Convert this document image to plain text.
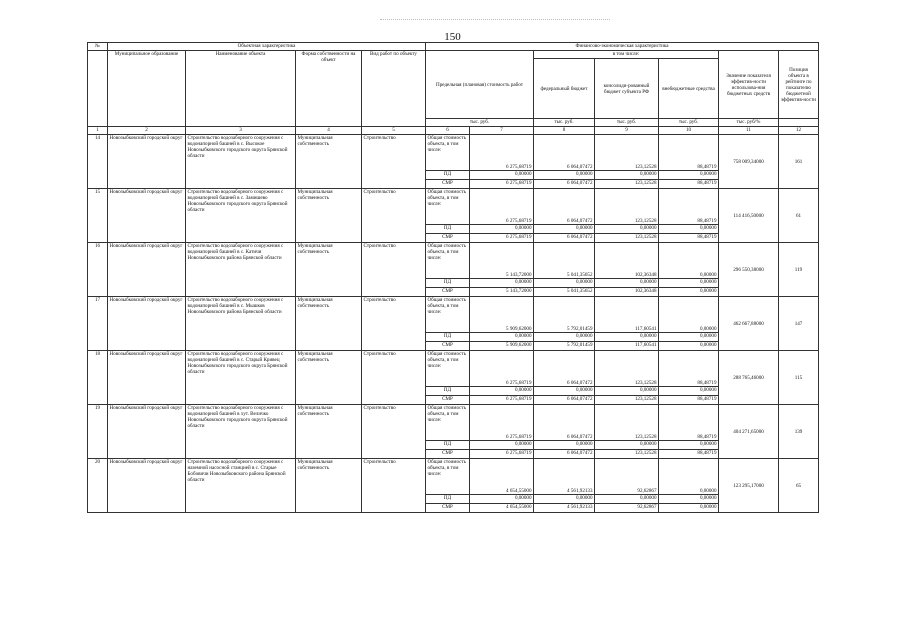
150
№	Объектная характеристика				Финансово-экономическая характеристика						
	Муниципальное образование	Наименование объекта	Форма собственности на объект	Вид работ по объекту	Предельная (плановая) стоимость работ		в том числе:			Значение показателя эффектив-ности использова-ния бюджетных средств	Позиция объекта в рейтинге по показателю бюджетной эффектив-ности
							федеральный бюджет	консолиди-рованный бюджет субъекта РФ	внебюджетные средства		
					тыс. руб.		тыс. руб.	тыс. руб.	тыс. руб.	тыс. руб/%	
1	2	3	4	5	6	7	8	9	10	11	12
14	Новозыбковский городской округ	Строительство водозаборного сооружения с водонапорной башней в с. Высокое Новозыбковского городского округа Брянской области	Муниципальная собственность	Строительство	Общая стоимость объекта, в том числе:	6 275,68719	6 064,07472	123,12528	88,48719	758 009,34000	161
					ПД	0,00000	0,00000	0,00000	0,00000		
					СМР	6 275,68719	6 064,07472	123,12528	88,48719		
15	Новозыбковский городской округ	Строительство водозаборного сооружения с водонапорной башней в с. Замишево Новозыбковского городского округа Брянской области	Муниципальная собственность	Строительство	Общая стоимость объекта, в том числе:	6 275,68719	6 064,07472	123,12528	88,48719	114 416,50000	61
					ПД	0,00000	0,00000	0,00000	0,00000		
					СМР	6 275,68719	6 064,07472	123,12528	88,48719		
16	Новозыбковский городской округ	Строительство водозаборного сооружения с водонапорной башней в с. Катичи Новозыбковского района Брянской области	Муниципальная собственность	Строительство	Общая стоимость объекта, в том числе:	5 143,72000	5 041,35652	102,36348	0,00000	296 550,38000	119
					ПД	0,00000	0,00000	0,00000	0,00000		
					СМР	5 143,72000	5 041,35652	102,36348	0,00000		
17	Новозыбковский городской округ	Строительство водозаборного сооружения с водонапорной башней в с. Мышков Новозыбковского района Брянской области	Муниципальная собственность	Строительство	Общая стоимость объекта, в том числе:	5 909,62000	5 792,01459	117,60541	0,00000	462 667,88000	147
					ПД	0,00000	0,00000	0,00000	0,00000		
					СМР	5 909,62000	5 792,01459	117,60541	0,00000		
18	Новозыбковский городской округ	Строительство водозаборного сооружения с водонапорной башней в с. Старый Кривец Новозыбковского городского округа Брянской области	Муниципальная собственность	Строительство	Общая стоимость объекта, в том числе:	6 275,68719	6 064,07472	123,12528	88,48719	288 765,46000	115
					ПД	0,00000	0,00000	0,00000	0,00000		
					СМР	6 275,68719	6 064,07472	123,12528	88,48719		
19	Новозыбковский городской округ	Строительство водозаборного сооружения с водонапорной башней в хут. Величко Новозыбковского городского округа Брянской области	Муниципальная собственность	Строительство	Общая стоимость объекта, в том числе:	6 275,68719	6 064,07472	123,12528	88,48719	404 271,65000	139
					ПД	0,00000	0,00000	0,00000	0,00000		
					СМР	6 275,68719	6 064,07472	123,12528	88,48719		
20	Новозыбковский городской округ	Строительство водозаборного сооружения с наземной насосной станцией в с. Старые Бобовичи Новозыбковского района Брянской области	Муниципальная собственность	Строительство	Общая стоимость объекта, в том числе:	4 654,55000	4 561,92133	92,62867	0,00000	123 295,17000	65
					ПД	0,00000	0,00000	0,00000	0,00000		
					СМР	4 654,55000	4 561,92133	92,62867	0,00000		
